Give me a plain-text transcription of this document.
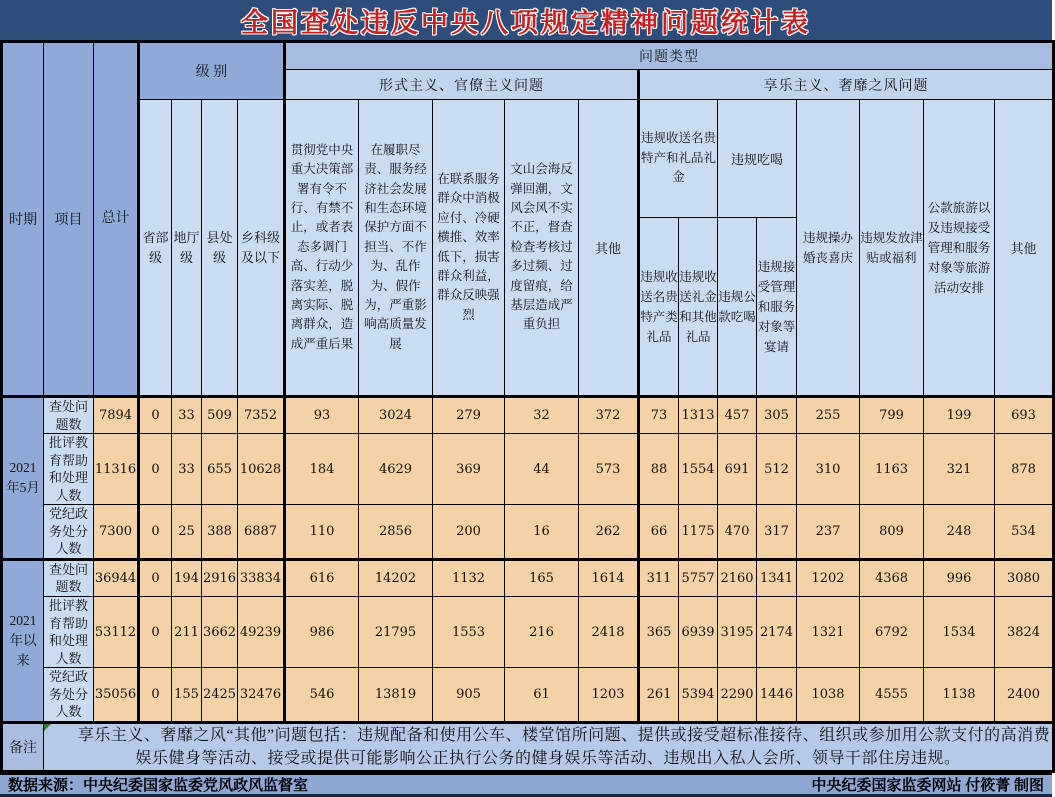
全国查处违反中央八项规定精神问题统计表
时期	项目	总计	级 别				问题类型												
							形式主义、官僚主义问题					享乐主义、奢靡之风问题							
			省部级	地厅级	县处级	乡科级及以下	贯彻党中央重大决策部署有令不行、有禁不止，或者表态多调门高、行动少落实差，脱离实际、脱离群众，造成严重后果	在履职尽责、服务经济社会发展和生态环境保护方面不担当、不作为、乱作为、假作为，严重影响高质量发展	在联系服务群众中消极应付、冷硬横推、效率低下，损害群众利益，群众反映强烈	文山会海反弹回潮，文风会风不实不正，督查检查考核过多过频、过度留痕，给基层造成严重负担	其他	违规收送名贵特产和礼品礼金		违规吃喝		违规操办婚丧喜庆	违规发放津贴或福利	公款旅游以及违规接受管理和服务对象等旅游活动安排	其他
												违规收送名贵特产类礼品	违规收送礼金和其他礼品	违规公款吃喝	违规接受管理和服务对象等宴请				
2021年5月	查处问题数	7894	0	33	509	7352	93	3024	279	32	372	73	1313	457	305	255	799	199	693
	批评教育帮助和处理人数	11316	0	33	655	10628	184	4629	369	44	573	88	1554	691	512	310	1163	321	878
	党纪政务处分人数	7300	0	25	388	6887	110	2856	200	16	262	66	1175	470	317	237	809	248	534
2021年以来	查处问题数	36944	0	194	2916	33834	616	14202	1132	165	1614	311	5757	2160	1341	1202	4368	996	3080
	批评教育帮助和处理人数	53112	0	211	3662	49239	986	21795	1553	216	2418	365	6939	3195	2174	1321	6792	1534	3824
	党纪政务处分人数	35056	0	155	2425	32476	546	13819	905	61	1203	261	5394	2290	1446	1038	4555	1138	2400
备注	享乐主义、奢靡之风“其他”问题包括：违规配备和使用公车、楼堂馆所问题、提供或接受超标准接待、组织或参加用公款支付的高消费娱乐健身等活动、接受或提供可能影响公正执行公务的健身娱乐等活动、违规出入私人会所、领导干部住房违规。																		
数据来源：中央纪委国家监委党风政风监督室	中央纪委国家监委网站 付筱菁 制图
